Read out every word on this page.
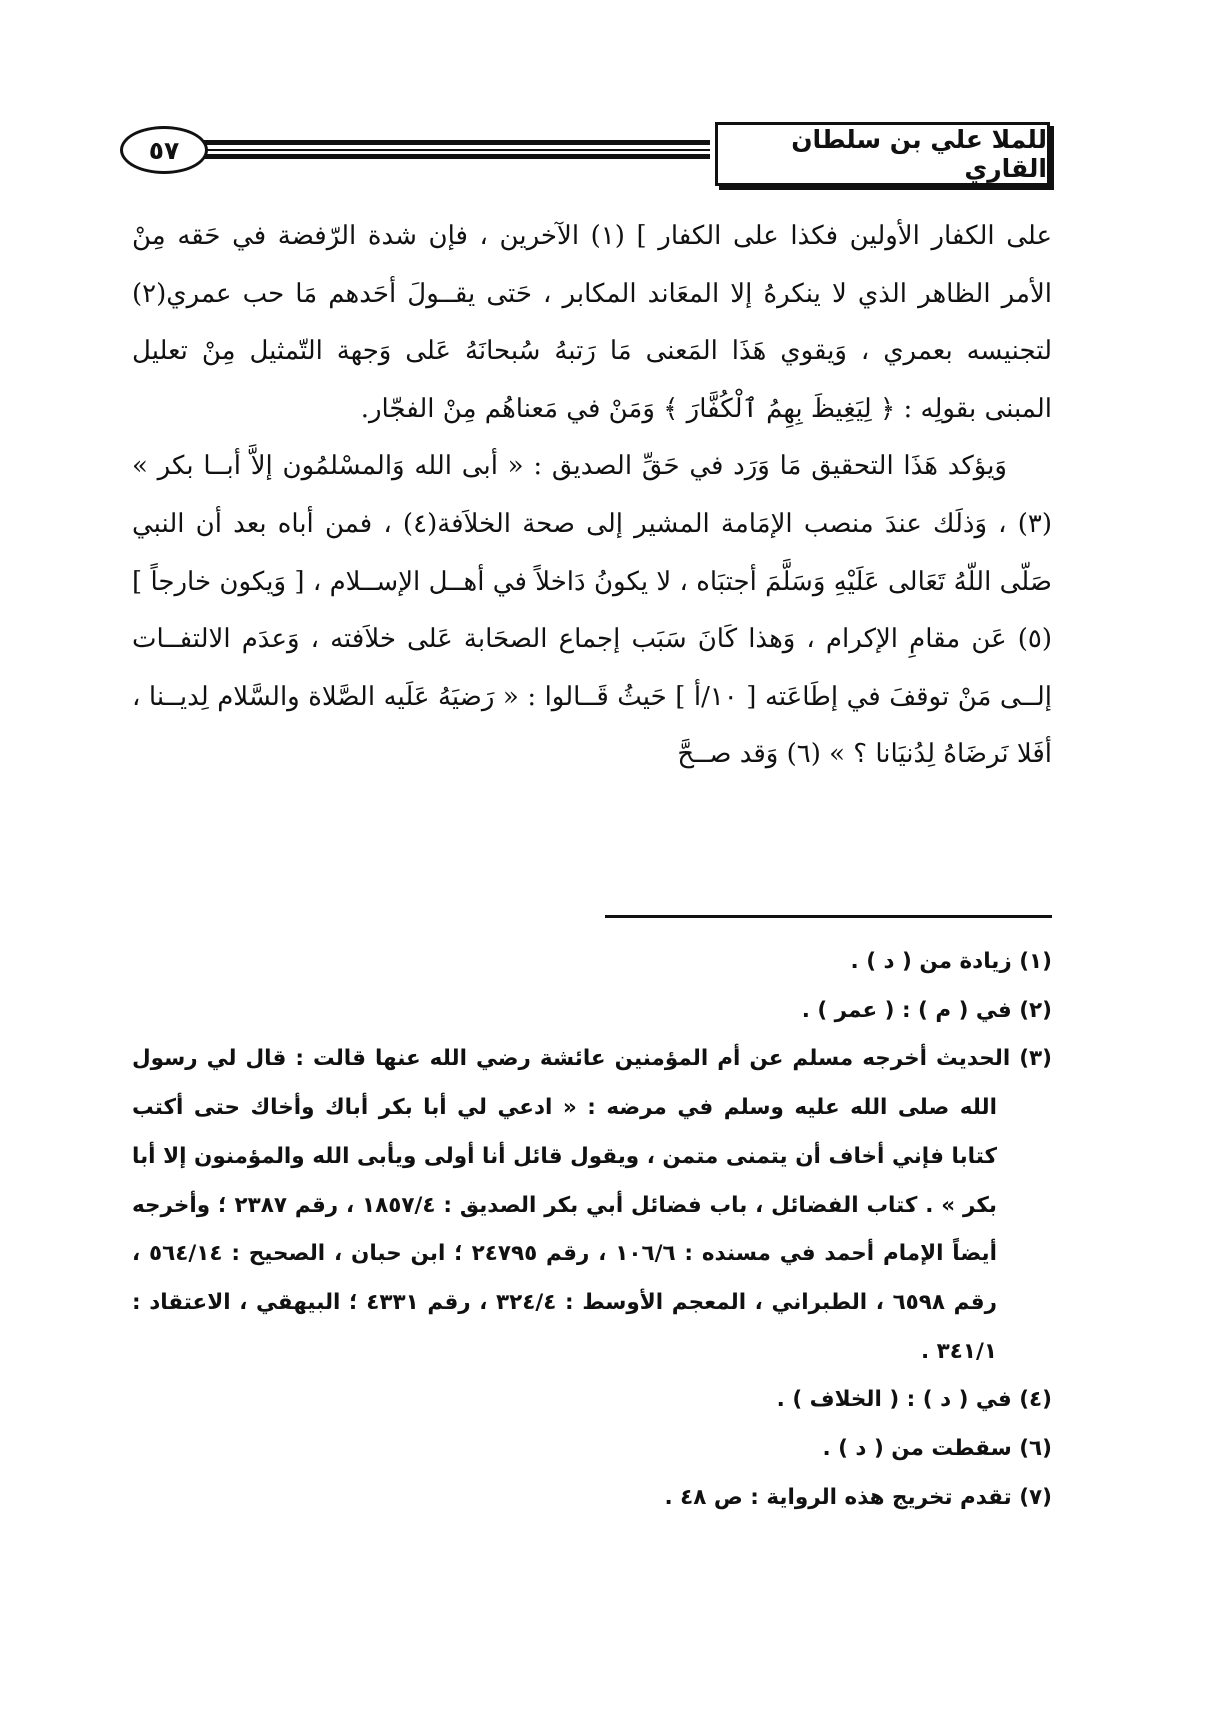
للملا علي بن سلطان القاري
٥٧

على الكفار الأولين فكذا على الكفار ] (١) الآخرين ، فإن شدة الرّفضة في حَقه مِنْ الأمر الظاهر الذي لا ينكرهُ إلا المعَاند المكابر ، حَتى يقــولَ أحَدهم مَا حب عمري(٢) لتجنيسه بعمري ، وَيقوي هَذَا المَعنى مَا رَتبهُ سُبحانَهُ عَلى وَجهة التّمثيل مِنْ تعليل المبنى بقولِه : ﴿ لِيَغِيظَ بِهِمُ ٱلْكُفَّارَ ﴾ وَمَنْ في مَعناهُم مِنْ الفجّار.

وَيؤكد هَذَا التحقيق مَا وَرَد في حَقِّ الصديق : « أبى الله وَالمسْلمُون إلاَّ أبــا بكر » (٣) ، وَذلَك عندَ منصب الإمَامة المشير إلى صحة الخلاَفة(٤) ، فمن أباه بعد أن النبي صَلّى اللّهُ تَعَالى عَلَيْهِ وَسَلَّمَ أجتبَاه ، لا يكونُ دَاخلاً في أهــل الإســلام ، [ وَيكون خارجاً ] (٥) عَن مقامِ الإكرام ، وَهذا كَانَ سَبَب إجماع الصحَابة عَلى خلاَفته ، وَعدَم الالتفــات إلــى مَنْ توقفَ في إطَاعَته [ ١٠/أ ] حَيثُ قَــالوا : « رَضيَهُ عَلَيه الصَّلاة والسَّلام لِديــنا ، أفَلا نَرضَاهُ لِدُنيَانا ؟ » (٦) وَقد صــحَّ

(١) زيادة من ( د ) .

(٢) في ( م ) : ( عمر ) .

(٣) الحديث أخرجه مسلم عن أم المؤمنين عائشة رضي الله عنها قالت : قال لي رسول الله صلى الله عليه وسلم في مرضه : « ادعي لي أبا بكر أباك وأخاك حتى أكتب كتابا فإني أخاف أن يتمنى متمن ، ويقول قائل أنا أولى ويأبى الله والمؤمنون إلا أبا بكر » . كتاب الفضائل ، باب فضائل أبي بكر الصديق : ١٨٥٧/٤ ، رقم ٢٣٨٧ ؛ وأخرجه أيضاً الإمام أحمد في مسنده : ١٠٦/٦ ، رقم ٢٤٧٩٥ ؛ ابن حبان ، الصحيح : ٥٦٤/١٤ ، رقم ٦٥٩٨ ، الطبراني ، المعجم الأوسط : ٣٢٤/٤ ، رقم ٤٣٣١ ؛ البيهقي ، الاعتقاد : ٣٤١/١ .

(٤) في ( د ) : ( الخلاف ) .

(٦) سقطت من ( د ) .

(٧) تقدم تخريج هذه الرواية : ص ٤٨ .
